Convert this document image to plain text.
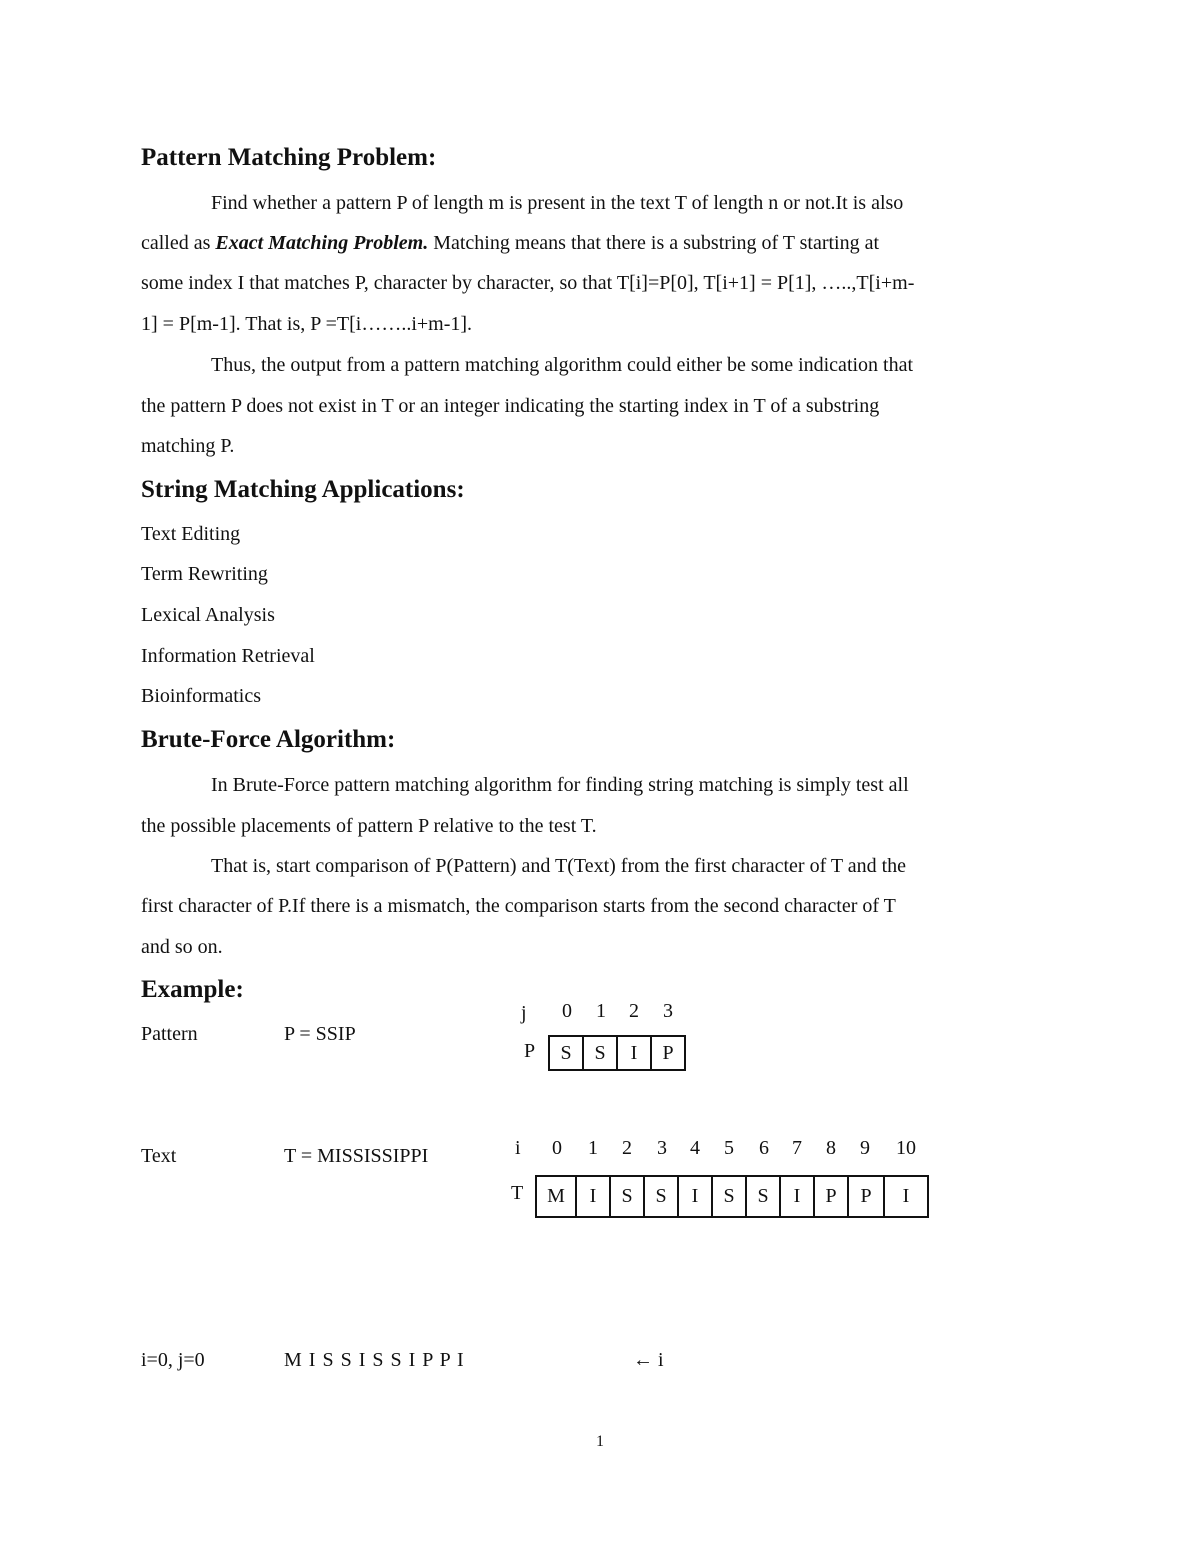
Pattern Matching Problem:
Find whether a pattern P of length m is present in the text T of length n or not.It is also
called as Exact Matching Problem. Matching means that there is a substring of T starting at
some index I that matches P, character by character, so that T[i]=P[0], T[i+1] = P[1], …..,T[i+m-
1] = P[m-1]. That is, P =T[i……..i+m-1].
Thus, the output from a pattern matching algorithm could either be some indication that
the pattern P does not exist in T or an integer indicating the starting index in T of a substring
matching P.
String Matching Applications:
Text Editing
Term Rewriting
Lexical Analysis
Information Retrieval
Bioinformatics
Brute-Force Algorithm:
In Brute-Force pattern matching algorithm for finding string matching is simply test all
the possible placements of pattern P relative to the test T.
That is, start comparison of P(Pattern) and T(Text) from the first character of T and the
first character of P.If there is a mismatch, the comparison starts from the second character of T
and so on.
Example:
Pattern	P = SSIP
j	0	1	2	3
P	S	S	I	P
Text	T = MISSISSIPPI	i	0	1	2	3	4	5	6	7	8	9	10
T	M	I	S	S	I	S	S	I	P	P	I
i=0, j=0	M I S S I S S I P P I	← i
1
